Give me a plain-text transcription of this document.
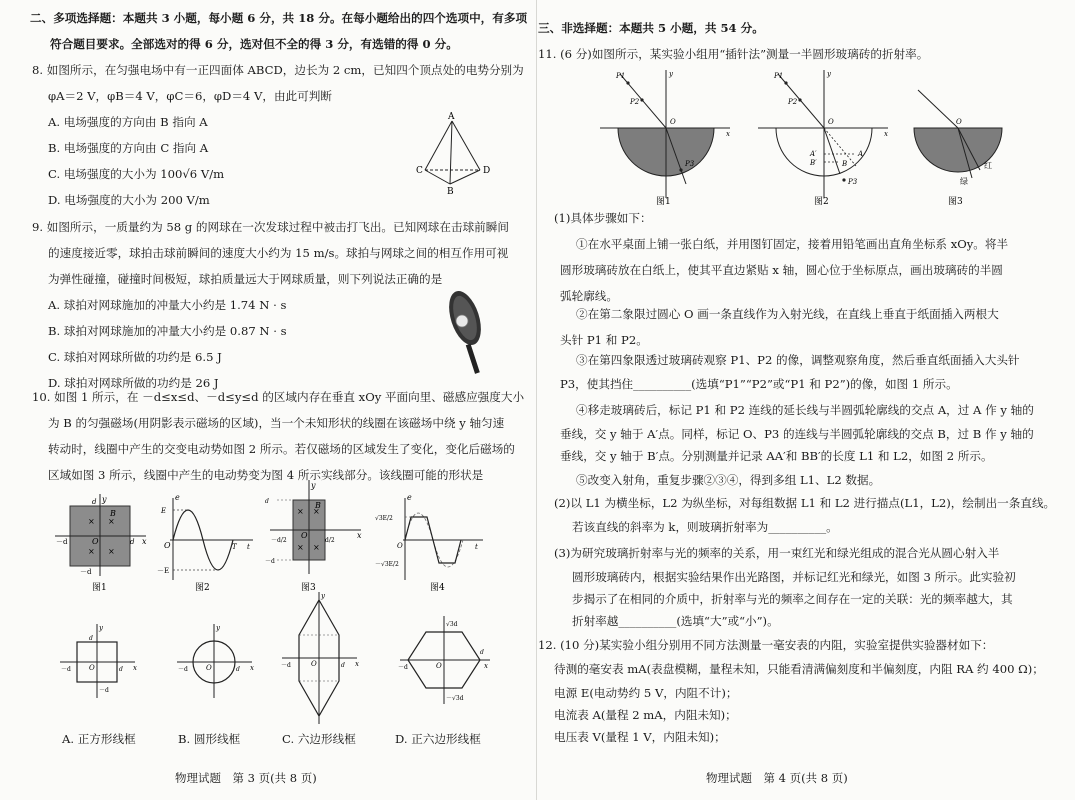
二、多项选择题：本题共 3 小题，每小题 6 分，共 18 分。在每小题给出的四个选项中，有多项
符合题目要求。全部选对的得 6 分，选对但不全的得 3 分，有选错的得 0 分。
8. 如图所示，在匀强电场中有一正四面体 ABCD，边长为 2 cm，已知四个顶点处的电势分别为
φA＝2 V，φB＝4 V，φC＝6，φD＝4 V，由此可判断
A. 电场强度的方向由 B 指向 A
B. 电场强度的方向由 C 指向 A
C. 电场强度的大小为 100√6 V/m
D. 电场强度的大小为 200 V/m
A
C	D
B
9. 如图所示，一质量约为 58 g 的网球在一次发球过程中被击打飞出。已知网球在击球前瞬间
的速度接近零，球拍击球前瞬间的速度大小约为 15 m/s。球拍与网球之间的相互作用可视
为弹性碰撞，碰撞时间极短，球拍质量远大于网球质量，则下列说法正确的是
A. 球拍对网球施加的冲量大小约是 1.74 N · s
B. 球拍对网球施加的冲量大小约是 0.87 N · s
C. 球拍对网球所做的功约是 6.5 J
D. 球拍对网球所做的功约是 26 J
10. 如图 1 所示，在 －d≤x≤d、－d≤y≤d 的区域内存在垂直 xOy 平面向里、磁感应强度大小
为 B 的匀强磁场(用阴影表示磁场的区域)，当一个未知形状的线圈在该磁场中绕 y 轴匀速
转动时，线圈中产生的交变电动势如图 2 所示。若仅磁场的区域发生了变化，变化后磁场的
区域如图 3 所示，线圈中产生的电动势变为图 4 所示实线部分。该线圈可能的形状是
× ×
× ×
B
y
x
O
－d	d
d
－d
图1
e
E
－E
O	T t
图2
× ×
× ×
B
y
x
O
d
－d
－d/2	d/2
图3
e
√3E/2
－√3E/2
O	t
图4
y
x
O
－d	d
d
－d
y
x
O
－d	d
y
x
O
－d	d
√3d
－√3d
x
O
－d
d
A. 正方形线框	B. 圆形线框	C. 六边形线框	D. 正六边形线框
物理试题　第 3 页(共 8 页)
三、非选择题：本题共 5 小题，共 54 分。
11. (6 分)如图所示，某实验小组用“插针法”测量一半圆形玻璃砖的折射率。
P1
P2
P3
O
x
y
图1
P1
P2
P3
O
A′
B′
A
B
x
y
图2
O
红
绿
图3
(1)具体步骤如下：
①在水平桌面上铺一张白纸，并用图钉固定，接着用铅笔画出直角坐标系 xOy。将半
圆形玻璃砖放在白纸上，使其平直边紧贴 x 轴，圆心位于坐标原点，画出玻璃砖的半圆
弧轮廓线。
②在第二象限过圆心 O 画一条直线作为入射光线，在直线上垂直于纸面插入两根大
头针 P1 和 P2。
③在第四象限透过玻璃砖观察 P1、P2 的像，调整观察角度，然后垂直纸面插入大头针
P3，使其挡住__________(选填“P1”“P2”或“P1 和 P2”)的像，如图 1 所示。
④移走玻璃砖后，标记 P1 和 P2 连线的延长线与半圆弧轮廓线的交点 A，过 A 作 y 轴的
垂线，交 y 轴于 A′点。同样，标记 O、P3 的连线与半圆弧轮廓线的交点 B，过 B 作 y 轴的
垂线，交 y 轴于 B′点。分别测量并记录 AA′和 BB′的长度 L1 和 L2，如图 2 所示。
⑤改变入射角，重复步骤②③④，得到多组 L1、L2 数据。
(2)以 L1 为横坐标，L2 为纵坐标，对每组数据 L1 和 L2 进行描点(L1，L2)，绘制出一条直线。
若该直线的斜率为 k，则玻璃折射率为__________。
(3)为研究玻璃折射率与光的频率的关系，用一束红光和绿光组成的混合光从圆心射入半
圆形玻璃砖内，根据实验结果作出光路图，并标记红光和绿光，如图 3 所示。此实验初
步揭示了在相同的介质中，折射率与光的频率之间存在一定的关联：光的频率越大，其
折射率越__________(选填“大”或“小”)。
12. (10 分)某实验小组分别用不同方法测量一毫安表的内阻，实验室提供实验器材如下：
待测的毫安表 mA(表盘模糊，量程未知，只能看清满偏刻度和半偏刻度，内阻 RA 约 400 Ω)；
电源 E(电动势约 5 V，内阻不计)；
电流表 A(量程 2 mA，内阻未知)；
电压表 V(量程 1 V，内阻未知)；
物理试题　第 4 页(共 8 页)
